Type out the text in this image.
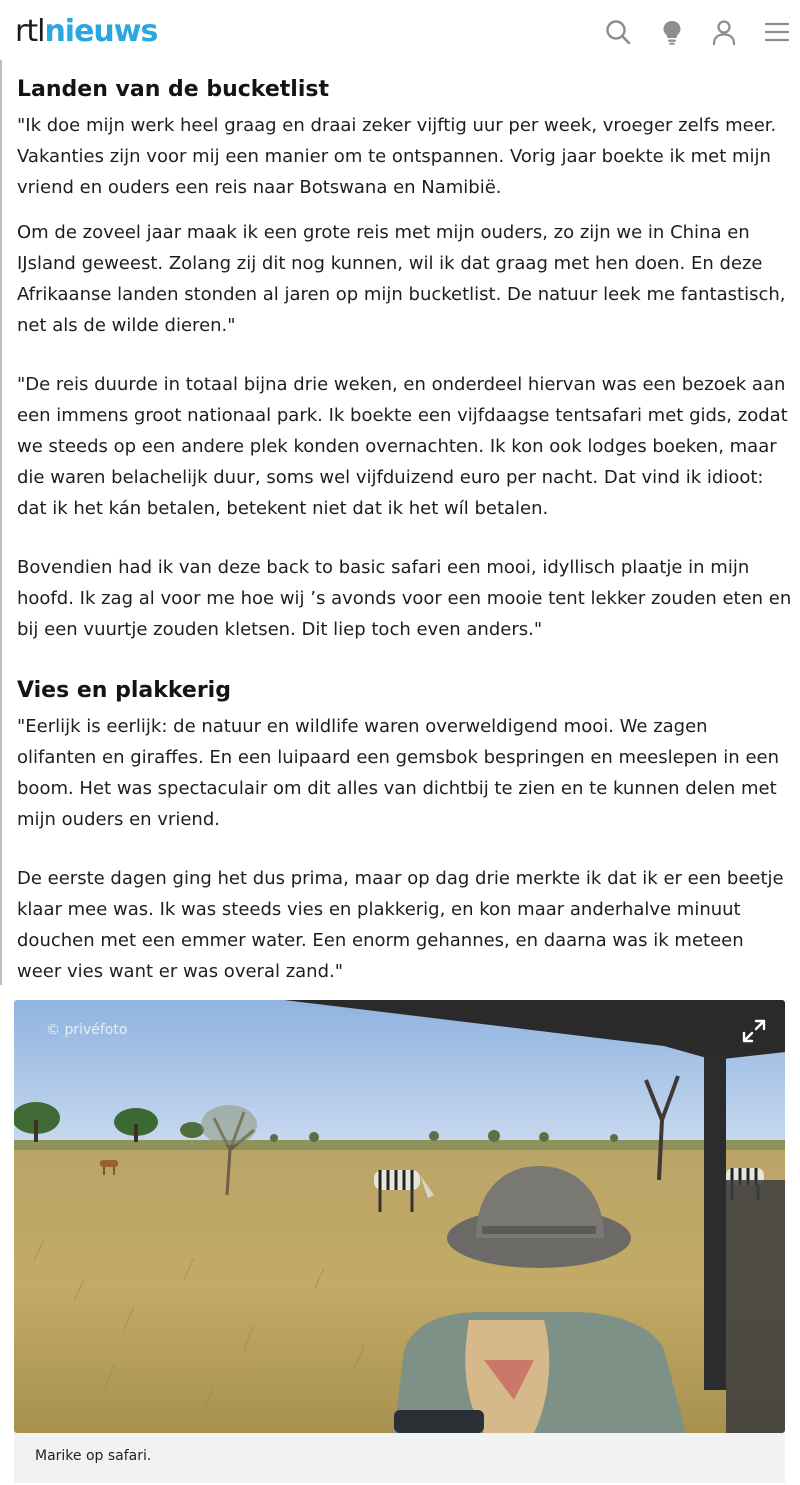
rtlnieuws
Landen van de bucketlist

"Ik doe mijn werk heel graag en draai zeker vijftig uur per week, vroeger zelfs meer. Vakanties zijn voor mij een manier om te ontspannen. Vorig jaar boekte ik met mijn vriend en ouders een reis naar Botswana en Namibië.

Om de zoveel jaar maak ik een grote reis met mijn ouders, zo zijn we in China en IJsland geweest. Zolang zij dit nog kunnen, wil ik dat graag met hen doen. En deze Afrikaanse landen stonden al jaren op mijn bucketlist. De natuur leek me fantastisch, net als de wilde dieren."

"De reis duurde in totaal bijna drie weken, en onderdeel hiervan was een bezoek aan een immens groot nationaal park. Ik boekte een vijfdaagse tentsafari met gids, zodat we steeds op een andere plek konden overnachten. Ik kon ook lodges boeken, maar die waren belachelijk duur, soms wel vijfduizend euro per nacht. Dat vind ik idioot: dat ik het kán betalen, betekent niet dat ik het wíl betalen.

Bovendien had ik van deze back to basic safari een mooi, idyllisch plaatje in mijn hoofd. Ik zag al voor me hoe wij ’s avonds voor een mooie tent lekker zouden eten en bij een vuurtje zouden kletsen. Dit liep toch even anders."

Vies en plakkerig

"Eerlijk is eerlijk: de natuur en wildlife waren overweldigend mooi. We zagen olifanten en giraffes. En een luipaard een gemsbok bespringen en meeslepen in een boom. Het was spectaculair om dit alles van dichtbij te zien en te kunnen delen met mijn ouders en vriend.

De eerste dagen ging het dus prima, maar op dag drie merkte ik dat ik er een beetje klaar mee was. Ik was steeds vies en plakkerig, en kon maar anderhalve minuut douchen met een emmer water. Een enorm gehannes, en daarna was ik meteen weer vies want er was overal zand."

© privéfoto
Marike op safari.
